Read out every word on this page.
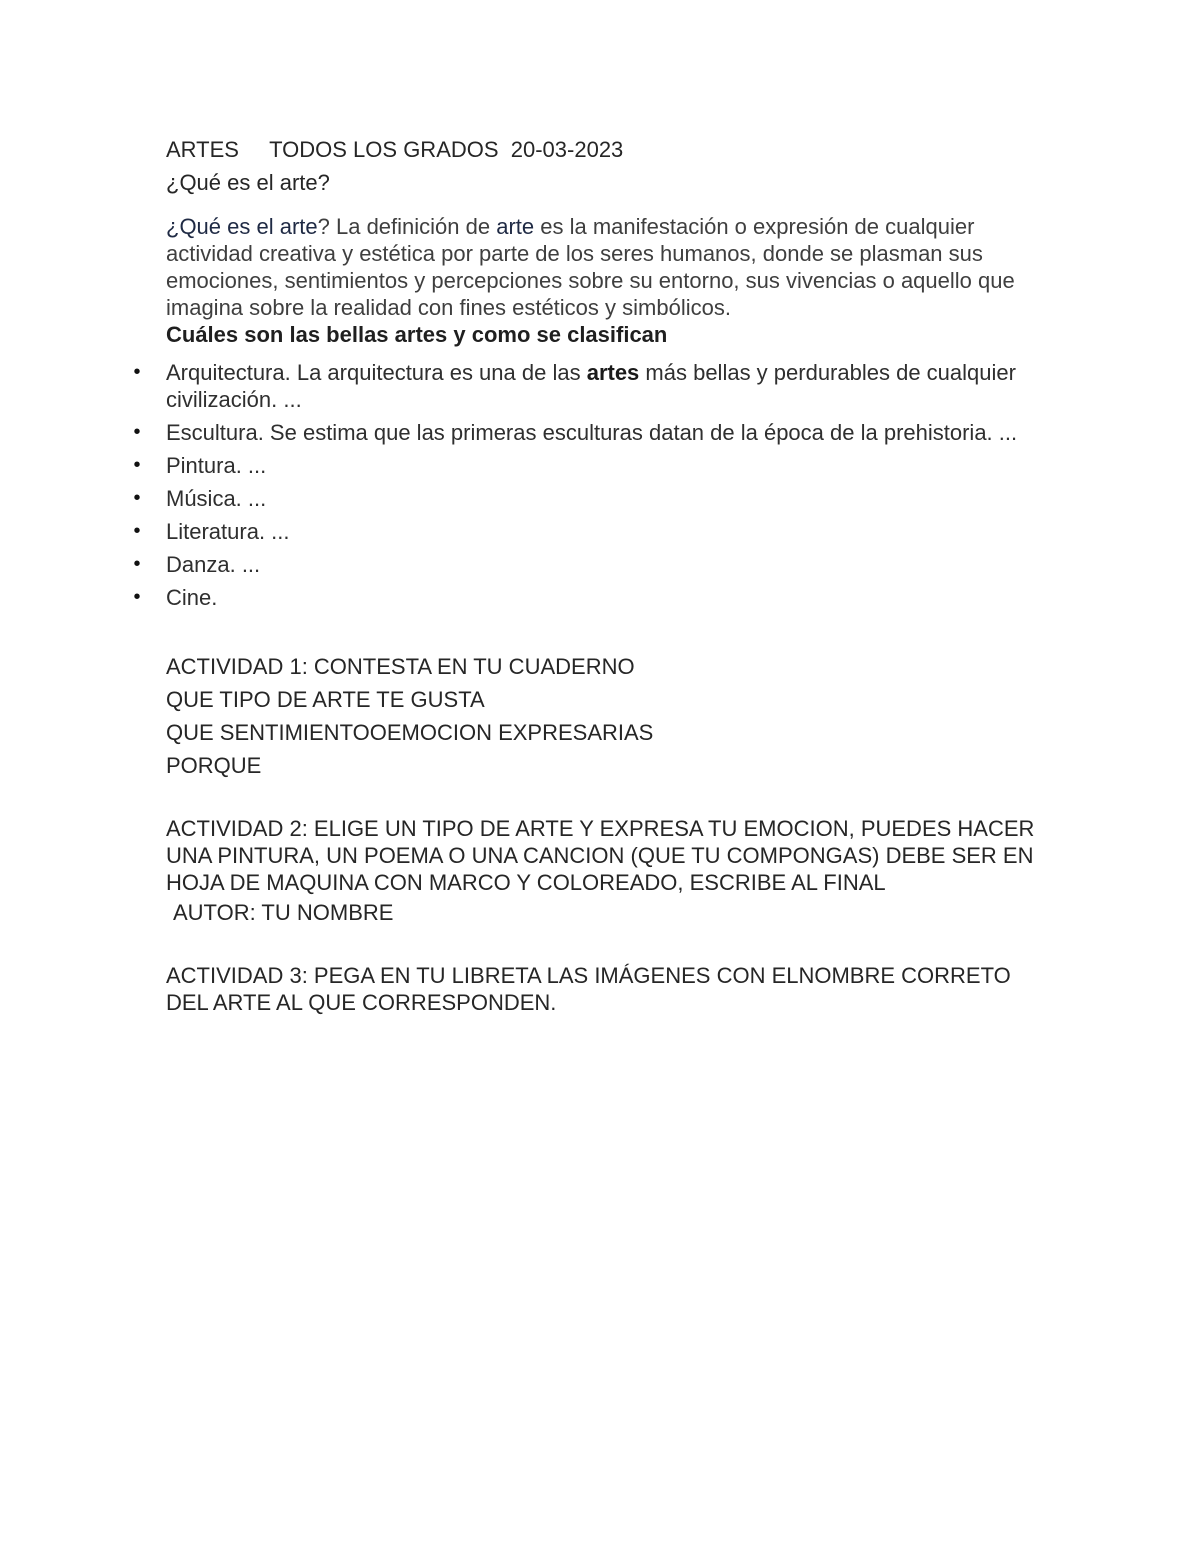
ARTES     TODOS LOS GRADOS  20-03-2023

¿Qué es el arte?

¿Qué es el arte? La definición de arte es la manifestación o expresión de cualquier actividad creativa y estética por parte de los seres humanos, donde se plasman sus emociones, sentimientos y percepciones sobre su entorno, sus vivencias o aquello que imagina sobre la realidad con fines estéticos y simbólicos.

Cuáles son las bellas artes y como se clasifican

• Arquitectura. La arquitectura es una de las artes más bellas y perdurables de cualquier civilización. ...
• Escultura. Se estima que las primeras esculturas datan de la época de la prehistoria. ...
• Pintura. ...
• Música. ...
• Literatura. ...
• Danza. ...
• Cine.

ACTIVIDAD 1: CONTESTA EN TU CUADERNO

QUE TIPO DE ARTE TE GUSTA

QUE SENTIMIENTOOEMOCION EXPRESARIAS

PORQUE

ACTIVIDAD 2: ELIGE UN TIPO DE ARTE Y EXPRESA TU EMOCION, PUEDES HACER UNA PINTURA, UN POEMA O UNA CANCION (QUE TU COMPONGAS) DEBE SER EN HOJA DE MAQUINA CON MARCO Y COLOREADO, ESCRIBE AL FINAL

AUTOR: TU NOMBRE

ACTIVIDAD 3: PEGA EN TU LIBRETA LAS IMÁGENES CON ELNOMBRE CORRETO DEL ARTE AL QUE CORRESPONDEN.
